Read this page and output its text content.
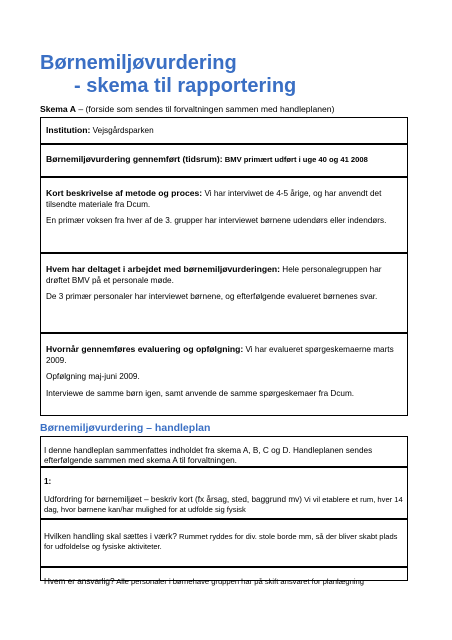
Børnemiljøvurdering
- skema til rapportering
Skema A – (forside som sendes til forvaltningen sammen med handleplanen)

Institution: Vejsgårdsparken

Børnemiljøvurdering gennemført (tidsrum): BMV primært udført i uge 40 og 41 2008

Kort beskrivelse af metode og proces: Vi har interviwet de 4-5 årige, og har anvendt det tilsendte materiale fra Dcum.

En primær voksen fra hver af de 3. grupper har interviewet børnene udendørs eller indendørs.

Hvem har deltaget i arbejdet med børnemiljøvurderingen: Hele personalegruppen har drøftet BMV på et personale møde.

De 3 primær personaler har interviewet børnene, og efterfølgende evalueret børnenes svar.

Hvornår gennemføres evaluering og opfølgning: Vi har evalueret spørgeskemaerne marts 2009.

Opfølgning maj-juni 2009.

Interviewe de samme børn igen, samt anvende de samme spørgeskemaer fra Dcum.

Børnemiljøvurdering – handleplan

I denne handleplan sammenfattes indholdet fra skema A, B, C og D. Handleplanen sendes efterfølgende sammen med skema A til forvaltningen.

1:

Udfordring for børnemiljøet – beskriv kort (fx årsag, sted, baggrund mv) Vi vil etablere et rum, hver 14 dag, hvor børnene kan/har mulighed for at udfolde sig fysisk

Hvilken handling skal sættes i værk? Rummet ryddes for div. stole borde mm, så der bliver skabt plads for udfoldelse og fysiske aktiviteter.

Hvem er ansvarlig? Alle personaler i børnehave gruppen har på skift ansvaret for planlægning
